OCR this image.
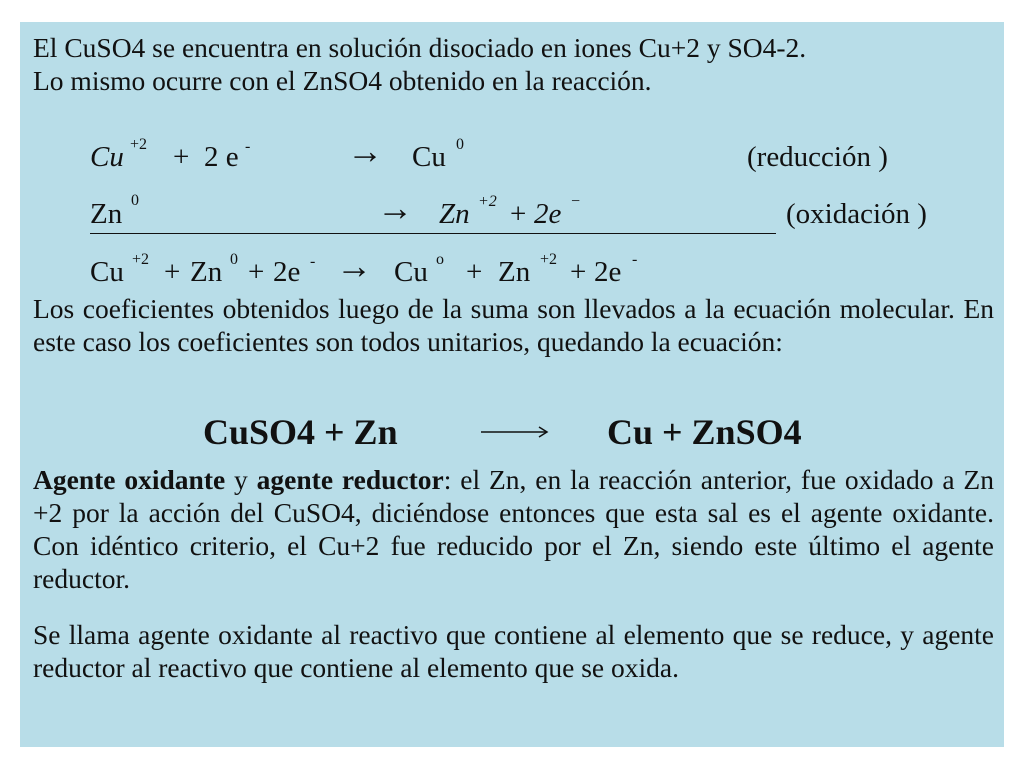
El CuSO4 se encuentra en solución disociado en iones Cu+2 y SO4-2.
Lo mismo ocurre con el ZnSO4 obtenido en la reacción.
Cu +2 + 2 e -	→ Cu 0	(reducción )
Zn 0	→ Zn +2 + 2e −	(oxidación )
Cu +2 + Zn 0 + 2e - → Cu o + Zn +2 + 2e -
Los coeficientes obtenidos luego de la suma son llevados a la ecuación molecular. En este caso los coeficientes son todos unitarios, quedando la ecuación:
CuSO4 + Zn	Cu + ZnSO4
Agente oxidante y agente reductor: el Zn, en la reacción anterior, fue oxidado a Zn +2 por la acción del CuSO4, diciéndose entonces que esta sal es el agente oxidante. Con idéntico criterio, el Cu+2 fue reducido por el Zn, siendo este último el agente reductor.
Se llama agente oxidante al reactivo que contiene al elemento que se reduce, y agente reductor al reactivo que contiene al elemento que se oxida.
